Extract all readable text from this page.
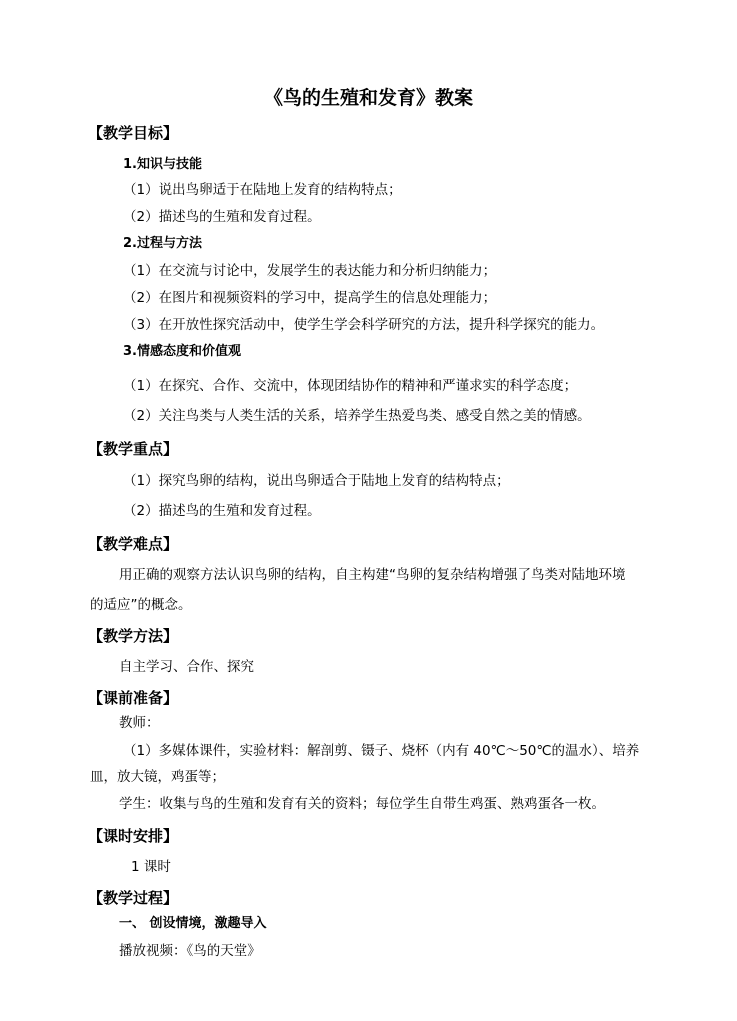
《鸟的生殖和发育》教案
【教学目标】
1.知识与技能
（1）说出鸟卵适于在陆地上发育的结构特点；
（2）描述鸟的生殖和发育过程。
2.过程与方法
（1）在交流与讨论中，发展学生的表达能力和分析归纳能力；
（2）在图片和视频资料的学习中，提高学生的信息处理能力；
（3）在开放性探究活动中，使学生学会科学研究的方法，提升科学探究的能力。
3.情感态度和价值观
（1）在探究、合作、交流中，体现团结协作的精神和严谨求实的科学态度；
（2）关注鸟类与人类生活的关系，培养学生热爱鸟类、感受自然之美的情感。
【教学重点】
（1）探究鸟卵的结构，说出鸟卵适合于陆地上发育的结构特点；
（2）描述鸟的生殖和发育过程。
【教学难点】
用正确的观察方法认识鸟卵的结构，自主构建“鸟卵的复杂结构增强了鸟类对陆地环境
的适应”的概念。
【教学方法】
自主学习、合作、探究
【课前准备】
教师：
（1）多媒体课件，实验材料：解剖剪、镊子、烧杯（内有 40℃～50℃的温水）、培养
皿，放大镜，鸡蛋等；
学生：收集与鸟的生殖和发育有关的资料；每位学生自带生鸡蛋、熟鸡蛋各一枚。
【课时安排】
1 课时
【教学过程】
一、 创设情境，激趣导入
播放视频：《鸟的天堂》
